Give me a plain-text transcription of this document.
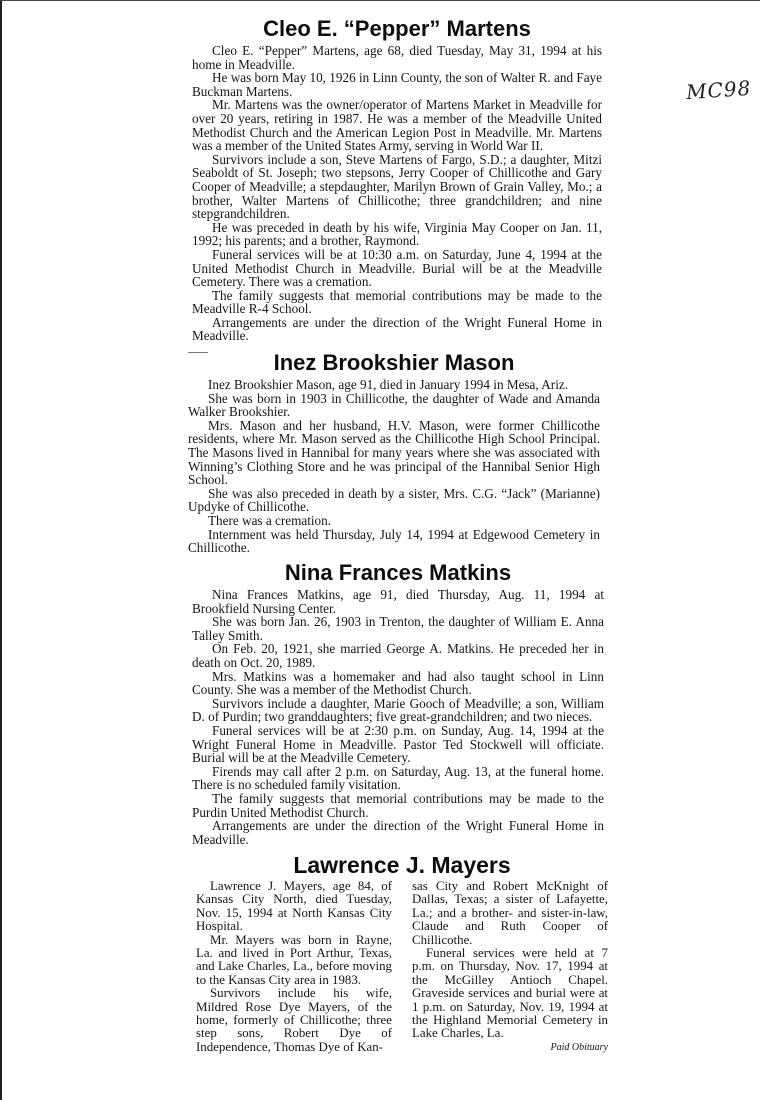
MC98
Cleo E. “Pepper” Martens

Cleo E. “Pepper” Martens, age 68, died Tuesday, May 31, 1994 at his home in Meadville.

He was born May 10, 1926 in Linn County, the son of Walter R. and Faye Buckman Martens.

Mr. Martens was the owner/operator of Martens Market in Meadville for over 20 years, retiring in 1987. He was a member of the Meadville United Methodist Church and the American Legion Post in Meadville. Mr. Martens was a member of the United States Army, serving in World War II.

Survivors include a son, Steve Martens of Fargo, S.D.; a daughter, Mitzi Seaboldt of St. Joseph; two stepsons, Jerry Cooper of Chillicothe and Gary Cooper of Meadville; a stepdaughter, Marilyn Brown of Grain Valley, Mo.; a brother, Walter Martens of Chillicothe; three grandchildren; and nine stepgrandchildren.

He was preceded in death by his wife, Virginia May Cooper on Jan. 11, 1992; his parents; and a brother, Raymond.

Funeral services will be at 10:30 a.m. on Saturday, June 4, 1994 at the United Methodist Church in Meadville. Burial will be at the Meadville Cemetery. There was a cremation.

The family suggests that memorial contributions may be made to the Meadville R-4 School.

Arrangements are under the direction of the Wright Funeral Home in Meadville.

Inez Brookshier Mason

Inez Brookshier Mason, age 91, died in January 1994 in Mesa, Ariz.

She was born in 1903 in Chillicothe, the daughter of Wade and Amanda Walker Brookshier.

Mrs. Mason and her husband, H.V. Mason, were former Chillicothe residents, where Mr. Mason served as the Chillicothe High School Principal. The Masons lived in Hannibal for many years where she was associated with Winning’s Clothing Store and he was principal of the Hannibal Senior High School.

She was also preceded in death by a sister, Mrs. C.G. “Jack” (Marianne) Updyke of Chillicothe.

There was a cremation.

Internment was held Thursday, July 14, 1994 at Edgewood Cemetery in Chillicothe.

Nina Frances Matkins

Nina Frances Matkins, age 91, died Thursday, Aug. 11, 1994 at Brookfield Nursing Center.

She was born Jan. 26, 1903 in Trenton, the daughter of William E. Anna Talley Smith.

On Feb. 20, 1921, she married George A. Matkins. He preceded her in death on Oct. 20, 1989.

Mrs. Matkins was a homemaker and had also taught school in Linn County. She was a member of the Methodist Church.

Survivors include a daughter, Marie Gooch of Meadville; a son, William D. of Purdin; two granddaughters; five great-grandchildren; and two nieces.

Funeral services will be at 2:30 p.m. on Sunday, Aug. 14, 1994 at the Wright Funeral Home in Meadville. Pastor Ted Stockwell will officiate. Burial will be at the Meadville Cemetery.

Firends may call after 2 p.m. on Saturday, Aug. 13, at the funeral home. There is no scheduled family visitation.

The family suggests that memorial contributions may be made to the Purdin United Methodist Church.

Arrangements are under the direction of the Wright Funeral Home in Meadville.

Lawrence J. Mayers

Lawrence J. Mayers, age 84, of Kansas City North, died Tuesday, Nov. 15, 1994 at North Kansas City Hospital.

Mr. Mayers was born in Rayne, La. and lived in Port Arthur, Texas, and Lake Charles, La., before moving to the Kansas City area in 1983.

Survivors include his wife, Mildred Rose Dye Mayers, of the home, formerly of Chillicothe; three step sons, Robert Dye of Independence, Thomas Dye of Kan-

sas City and Robert McKnight of Dallas, Texas; a sister of Lafayette, La.; and a brother- and sister-in-law, Claude and Ruth Cooper of Chillicothe.

Funeral services were held at 7 p.m. on Thursday, Nov. 17, 1994 at the McGilley Antioch Chapel. Graveside services and burial were at 1 p.m. on Saturday, Nov. 19, 1994 at the Highland Memorial Cemetery in Lake Charles, La.

Paid Obituary
